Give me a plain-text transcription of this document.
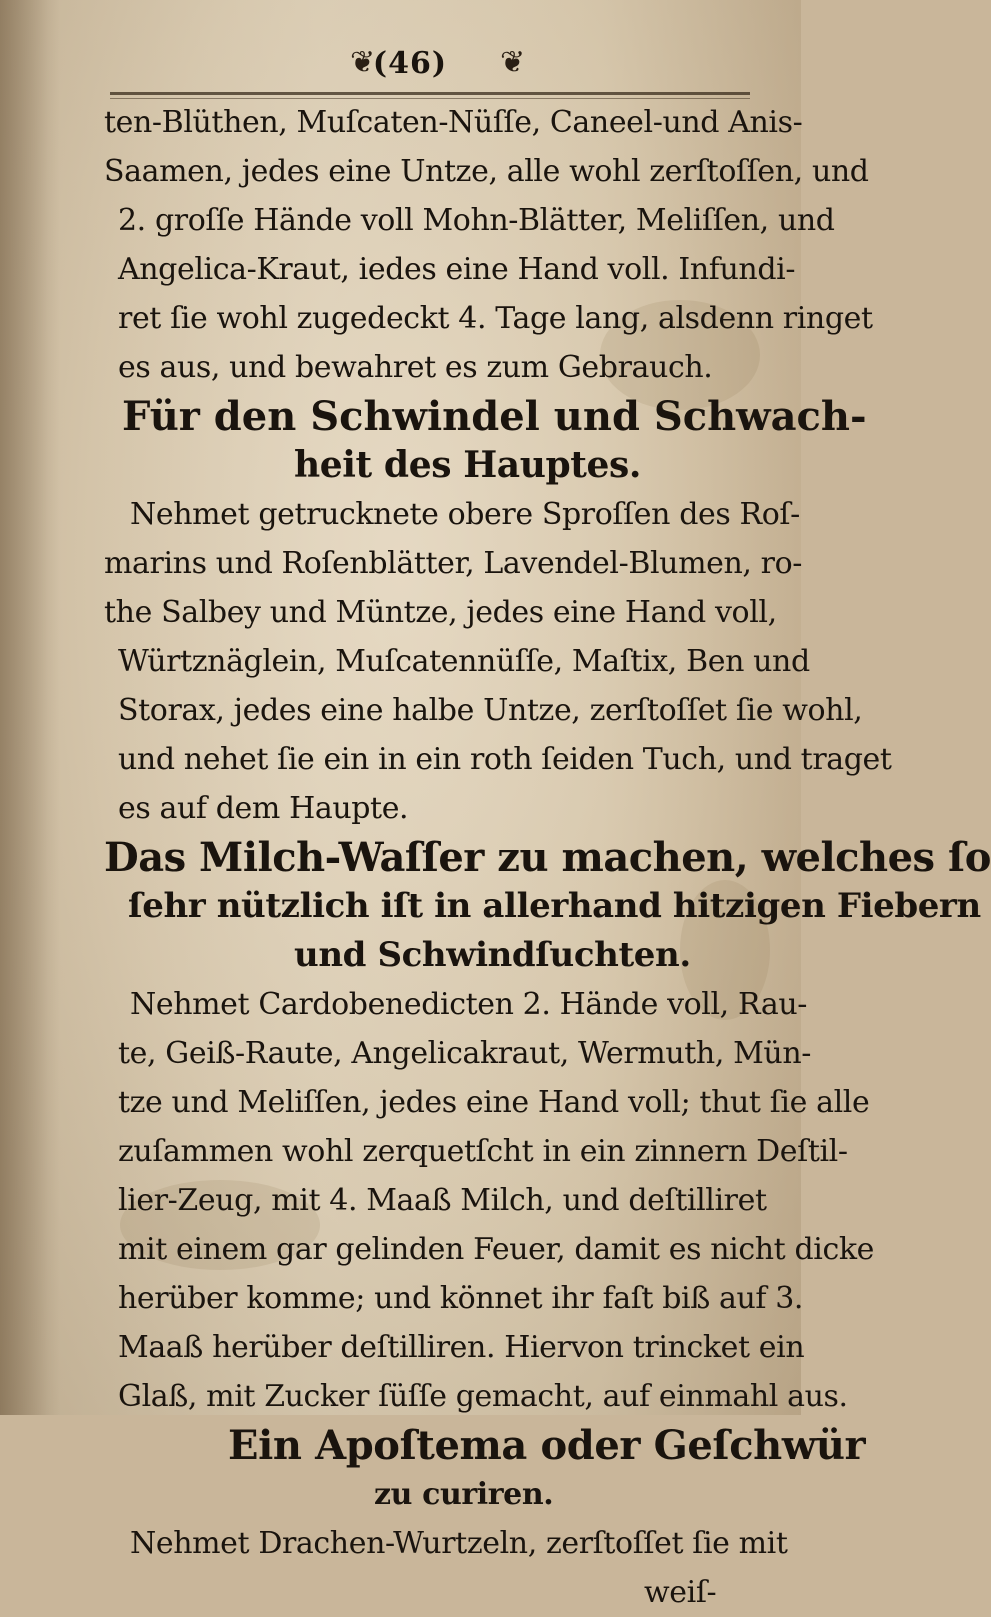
❦
(46)	❦
ten-Blüthen, Muſcaten-Nüſſe, Caneel-und Anis-
Saamen, jedes eine Untze, alle wohl zerſtoſſen, und
2. groſſe Hände voll Mohn-Blätter, Meliſſen, und
Angelica-Kraut, iedes eine Hand voll. Infundi-
ret ſie wohl zugedeckt 4. Tage lang, alsdenn ringet
es aus, und bewahret es zum Gebrauch.
Für den Schwindel und Schwach-
heit des Hauptes.
Nehmet getrucknete obere Sproſſen des Roſ-
marins und Roſenblätter, Lavendel-Blumen, ro-
the Salbey und Müntze, jedes eine Hand voll,
Würtznäglein, Muſcatennüſſe, Maſtix, Ben und
Storax, jedes eine halbe Untze, zerſtoſſet ſie wohl,
und nehet ſie ein in ein roth ſeiden Tuch, und traget
es auf dem Haupte.
Das Milch-Waſſer zu machen, welches ſo
ſehr nützlich iſt in allerhand hitzigen Fiebern
und Schwindſuchten.
Nehmet Cardobenedicten 2. Hände voll, Rau-
te, Geiß-Raute, Angelicakraut, Wermuth, Mün-
tze und Meliſſen, jedes eine Hand voll; thut ſie alle
zuſammen wohl zerquetſcht in ein zinnern Deſtil-
lier-Zeug, mit 4. Maaß Milch, und deſtilliret
mit einem gar gelinden Feuer, damit es nicht dicke
herüber komme; und könnet ihr faſt biß auf 3.
Maaß herüber deſtilliren. Hiervon trincket ein
Glaß, mit Zucker ſüſſe gemacht, auf einmahl aus.
Ein Apoſtema oder Geſchwür
zu curiren.
Nehmet Drachen-Wurtzeln, zerſtoſſet ſie mit
weiſ-
